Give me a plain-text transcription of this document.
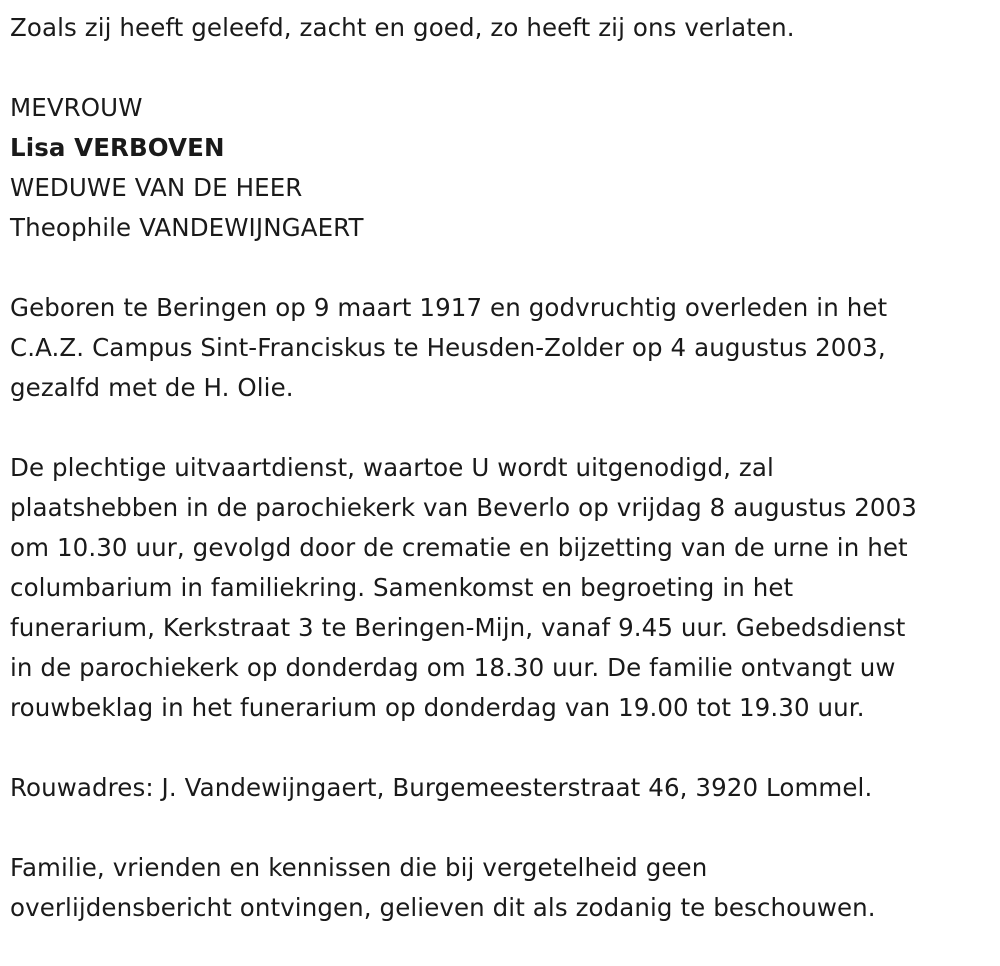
Zoals zij heeft geleefd, zacht en goed, zo heeft zij ons verlaten.
MEVROUW
Lisa VERBOVEN
WEDUWE VAN DE HEER
Theophile VANDEWIJNGAERT
Geboren te Beringen op 9 maart 1917 en godvruchtig overleden in het
C.A.Z. Campus Sint-Franciskus te Heusden-Zolder op 4 augustus 2003,
gezalfd met de H. Olie.
De plechtige uitvaartdienst, waartoe U wordt uitgenodigd, zal
plaatshebben in de parochiekerk van Beverlo op vrijdag 8 augustus 2003
om 10.30 uur, gevolgd door de crematie en bijzetting van de urne in het
columbarium in familiekring. Samenkomst en begroeting in het
funerarium, Kerkstraat 3 te Beringen-Mijn, vanaf 9.45 uur. Gebedsdienst
in de parochiekerk op donderdag om 18.30 uur. De familie ontvangt uw
rouwbeklag in het funerarium op donderdag van 19.00 tot 19.30 uur.
Rouwadres: J. Vandewijngaert, Burgemeesterstraat 46, 3920 Lommel.
Familie, vrienden en kennissen die bij vergetelheid geen
overlijdensbericht ontvingen, gelieven dit als zodanig te beschouwen.
